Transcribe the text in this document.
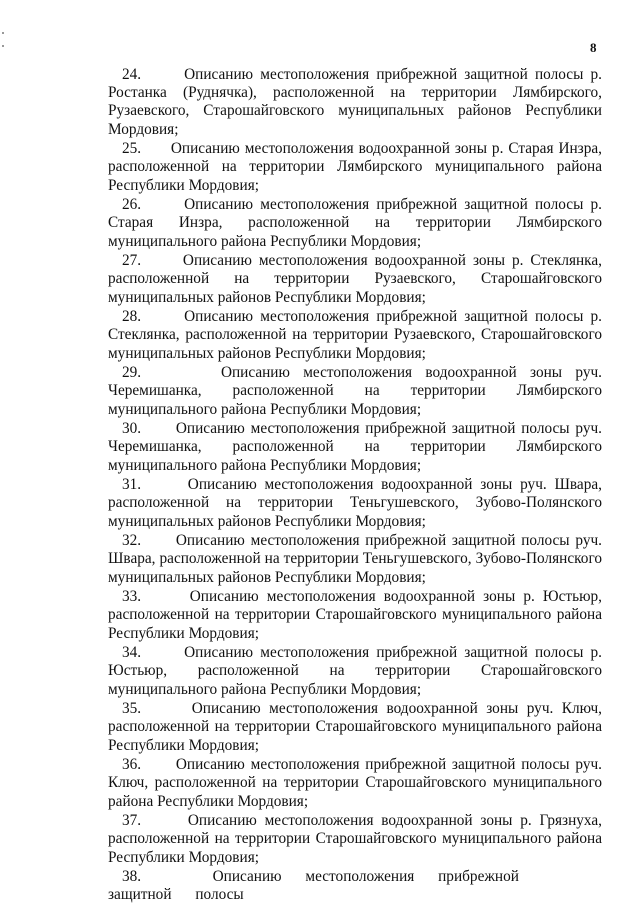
8

24.	Описанию местоположения прибрежной защитной полосы р. Ростанка (Руднячка), расположенной на территории Лямбирского, Рузаевского, Старошайговского муниципальных районов Республики Мордовия;

25. Описанию местоположения водоохранной зоны р. Старая Инзра, расположенной на территории Лямбирского муниципального района Республики Мордовия;

26.	Описанию местоположения прибрежной защитной полосы р. Старая Инзра, расположенной на территории Лямбирского муниципального района Республики Мордовия;

27.	Описанию местоположения водоохранной зоны р. Стеклянка, расположенной на территории Рузаевского, Старошайговского муниципальных районов Республики Мордовия;

28.	Описанию местоположения прибрежной защитной полосы р. Стеклянка, расположенной на территории Рузаевского, Старошайговского муниципальных районов Республики Мордовия;

29.	Описанию местоположения водоохранной зоны руч. Черемишанка, расположенной на территории Лямбирского муниципального района Республики Мордовия;

30. Описанию местоположения прибрежной защитной полосы руч. Черемишанка, расположенной на территории Лямбирского муниципального района Республики Мордовия;

31.	Описанию местоположения водоохранной зоны руч. Швара, расположенной на территории Теньгушевского, Зубово-Полянского муниципальных районов Республики Мордовия;

32. Описанию местоположения прибрежной защитной полосы руч. Швара, расположенной на территории Теньгушевского, Зубово-Полянского муниципальных районов Республики Мордовия;

33.	Описанию местоположения водоохранной зоны р. Юстьюр, расположенной на территории Старошайговского муниципального района Республики Мордовия;

34.	Описанию местоположения прибрежной защитной полосы р. Юстьюр, расположенной на территории Старошайговского муниципального района Республики Мордовия;

35.	Описанию местоположения водоохранной зоны руч. Ключ, расположенной на территории Старошайговского муниципального района Республики Мордовия;

36. Описанию местоположения прибрежной защитной полосы руч. Ключ, расположенной на территории Старошайговского муниципального района Республики Мордовия;

37.	Описанию местоположения водоохранной зоны р. Грязнуха, расположенной на территории Старошайговского муниципального района Республики Мордовия;

38.	Описанию местоположения прибрежной защитной полосы
